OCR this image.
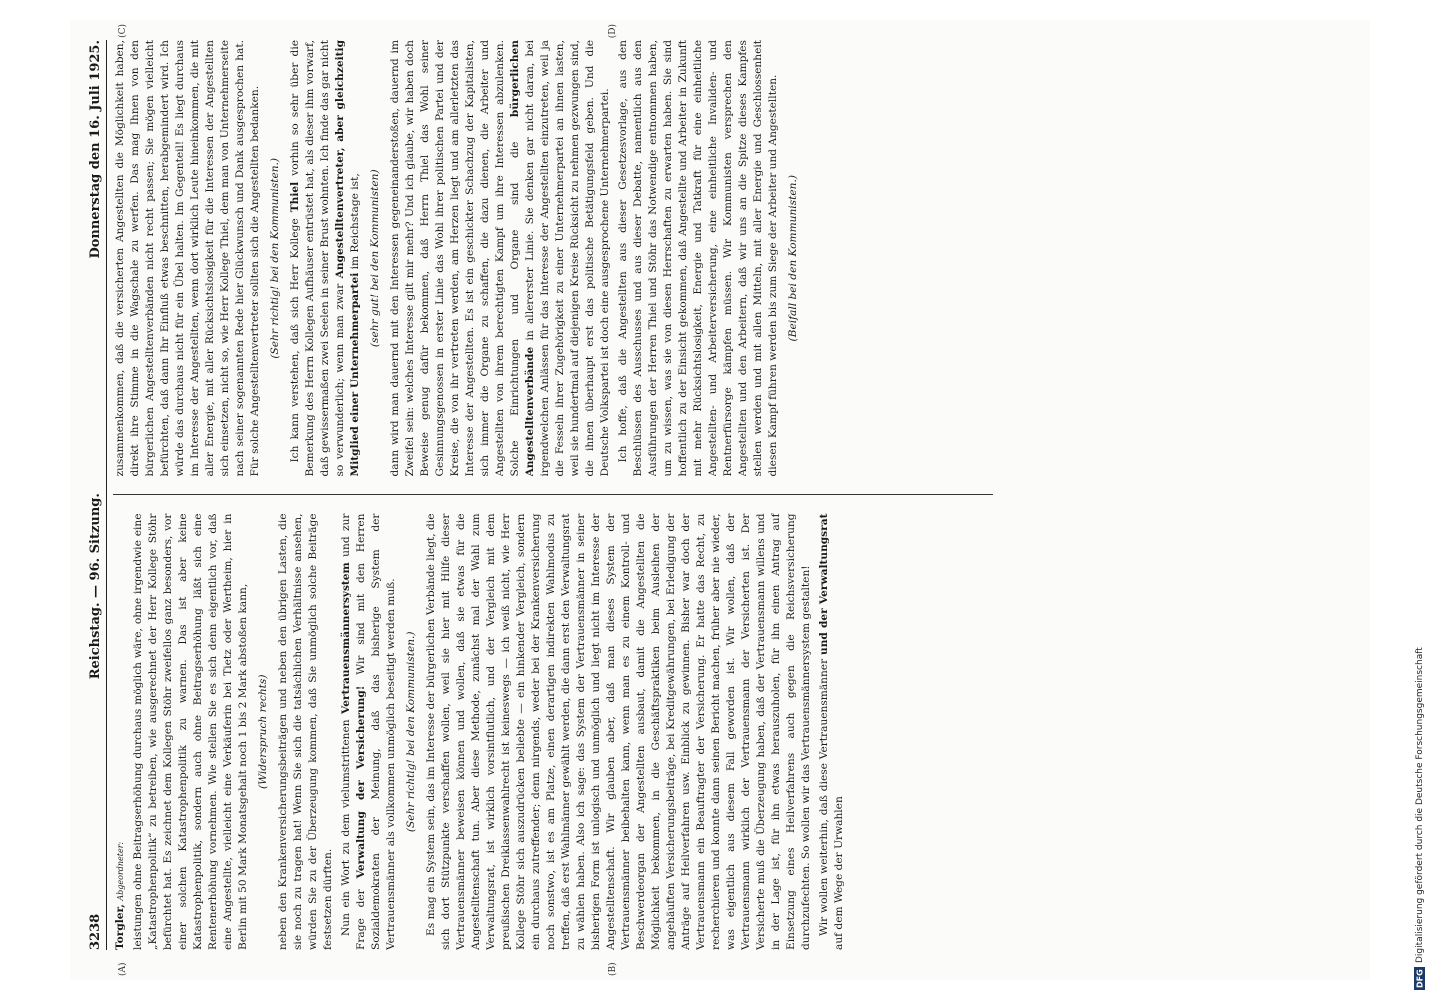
3238
Reichstag. — 96. Sitzung.
Donnerstag den 16. Juli 1925.

Torgler, Abgeordneter: leistungen ohne Beitragserhöhung durchaus möglich wäre, ohne irgendwie eine „Katastrophenpolitik“ zu betreiben, wie ausgerechnet der Herr Kollege Stöhr befürchtet hat. Es zeichnet dem Kollegen Stöhr zweifellos ganz besonders, vor einer solchen Katastrophenpolitik zu warnen. Das ist aber keine Katastrophenpolitik, sondern auch ohne Beitragserhöhung läßt sich eine Rentenerhöhung vornehmen. Wie stellen Sie es sich denn eigentlich vor, daß eine Angestellte, vielleicht eine Verkäuferin bei Tietz oder Wertheim, hier in Berlin mit 50 Mark Monatsgehalt noch 1 bis 2 Mark abstoßen kann, (Widerspruch rechts) neben den Krankenversicherungsbeiträgen und neben den übrigen Lasten, die sie noch zu tragen hat! Wenn Sie sich die tatsächlichen Verhältnisse ansehen, würden Sie zu der Überzeugung kommen, daß Sie unmöglich solche Beiträge festsetzen dürften. Nun ein Wort zu dem vielumstrittenen Vertrauensmännersystem und zur Frage der Verwaltung der Versicherung! Wir sind mit den Herren Sozialdemokraten der Meinung, daß das bisherige System der Vertrauensmänner als vollkommen unmöglich beseitigt werden muß. (Sehr richtig! bei den Kommunisten.) Es mag ein System sein, das im Interesse der bürgerlichen Verbände liegt, die sich dort Stützpunkte verschaffen wollen, weil sie hier mit Hilfe dieser Vertrauensmänner beweisen können und wollen, daß sie etwas für die Angestelltenschaft tun. Aber diese Methode, zunächst mal der Wahl zum Verwaltungsrat, ist wirklich vorsintflutlich, und der Vergleich mit dem preußischen Dreiklassenwahlrecht ist keineswegs — ich weiß nicht, wie Herr Kollege Stöhr sich auszudrücken beliebte — ein hinkender Vergleich, sondern ein durchaus zutreffender; denn nirgends, weder bei der Krankenversicherung noch sonstwo, ist es am Platze, einen derartigen indirekten Wahlmodus zu treffen, daß erst Wahlmänner gewählt werden, die dann erst den Verwaltungsrat zu wählen haben. Also ich sage: das System der Vertrauensmänner in seiner bisherigen Form ist unlogisch und unmöglich und liegt nicht im Interesse der Angestelltenschaft. Wir glauben aber, daß man dieses System der Vertrauensmänner beibehalten kann, wenn man es zu einem Kontroll- und Beschwerdeorgan der Angestellten ausbaut, damit die Angestellten die Möglichkeit bekommen, in die Geschäftspraktiken beim Ausleihen der angehäuften Versicherungsbeiträge, bei Kreditgewährungen, bei Erledigung der Anträge auf Heilverfahren usw. Einblick zu gewinnen. Bisher war doch der Vertrauensmann ein Beauftragter der Versicherung. Er hatte das Recht, zu recherchieren und konnte dann seinen Bericht machen, früher aber nie wieder, was eigentlich aus diesem Fall geworden ist. Wir wollen, daß der Vertrauensmann wirklich der Vertrauensmann der Versicherten ist. Der Versicherte muß die Überzeugung haben, daß der Vertrauensmann willens und in der Lage ist, für ihn etwas herauszuholen, für ihn einen Antrag auf Einsetzung eines Heilverfahrens auch gegen die Reichsversicherung durchzufechten. So wollen wir das Vertrauensmännersystem gestalten! Wir wollen weiterhin, daß diese Vertrauensmänner und der Verwaltungsrat auf dem Wege der Urwahlen

zusammenkommen, daß die versicherten Angestellten die Möglichkeit haben, direkt ihre Stimme in die Wagschale zu werfen. Das mag Ihnen von den bürgerlichen Angestelltenverbänden nicht recht passen; Sie mögen vielleicht befürchten, daß dann Ihr Einfluß etwas beschnitten, herabgemindert wird. Ich würde das durchaus nicht für ein Übel halten. Im Gegenteil! Es liegt durchaus im Interesse der Angestellten, wenn dort wirklich Leute hineinkommen, die mit aller Energie, mit aller Rücksichtslosigkeit für die Interessen der Angestellten sich einsetzen, nicht so, wie Herr Kollege Thiel, dem man von Unternehmerseite nach seiner sogenannten Rede hier Glückwunsch und Dank ausgesprochen hat. Für solche Angestelltenvertreter sollten sich die Angestellten bedanken. (Sehr richtig! bei den Kommunisten.) Ich kann verstehen, daß sich Herr Kollege Thiel vorhin so sehr über die Bemerkung des Herrn Kollegen Aufhäuser entrüstet hat, als dieser ihm vorwarf, daß gewissermaßen zwei Seelen in seiner Brust wohnten. Ich finde das gar nicht so verwunderlich; wenn man zwar Angestelltenvertreter, aber gleichzeitig Mitglied einer Unternehmerpartei im Reichstage ist, (sehr gut! bei den Kommunisten) dann wird man dauernd mit den Interessen gegeneinanderstoßen, dauernd im Zweifel sein: welches Interesse gilt mir mehr? Und ich glaube, wir haben doch Beweise genug dafür bekommen, daß Herrn Thiel das Wohl seiner Gesinnungsgenossen in erster Linie das Wohl ihrer politischen Partei und der Kreise, die von ihr vertreten werden, am Herzen liegt und am allerletzten das Interesse der Angestellten. Es ist ein geschickter Schachzug der Kapitalisten, sich immer die Organe zu schaffen, die dazu dienen, die Arbeiter und Angestellten von ihrem berechtigten Kampf um ihre Interessen abzulenken. Solche Einrichtungen und Organe sind die bürgerlichen Angestelltenverbände in allererster Linie. Sie denken gar nicht daran, bei irgendwelchen Anlässen für das Interesse der Angestellten einzutreten, weil ja die Fesseln ihrer Zugehörigkeit zu einer Unternehmerpartei an ihnen lasten, weil sie hundertmal auf diejenigen Kreise Rücksicht zu nehmen gezwungen sind, die ihnen überhaupt erst das politische Betätigungsfeld geben. Und die Deutsche Volkspartei ist doch eine ausgesprochene Unternehmerpartei. Ich hoffe, daß die Angestellten aus dieser Gesetzesvorlage, aus den Beschlüssen des Ausschusses und aus dieser Debatte, namentlich aus den Ausführungen der Herren Thiel und Stöhr das Notwendige entnommen haben, um zu wissen, was sie von diesen Herrschaften zu erwarten haben. Sie sind hoffentlich zu der Einsicht gekommen, daß Angestellte und Arbeiter in Zukunft mit mehr Rücksichtslosigkeit, Energie und Tatkraft für eine einheitliche Angestellten- und Arbeiterversicherung, eine einheitliche Invaliden- und Rentnerfürsorge kämpfen müssen. Wir Kommunisten versprechen den Angestellten und den Arbeitern, daß wir uns an die Spitze dieses Kampfes stellen werden und mit allen Mitteln, mit aller Energie und Geschlossenheit diesen Kampf führen werden bis zum Siege der Arbeiter und Angestellten. (Beifall bei den Kommunisten.)

(A)	(B)
(C)	(D)
DFG
Digitalisierung gefördert durch die Deutsche Forschungsgemeinschaft
